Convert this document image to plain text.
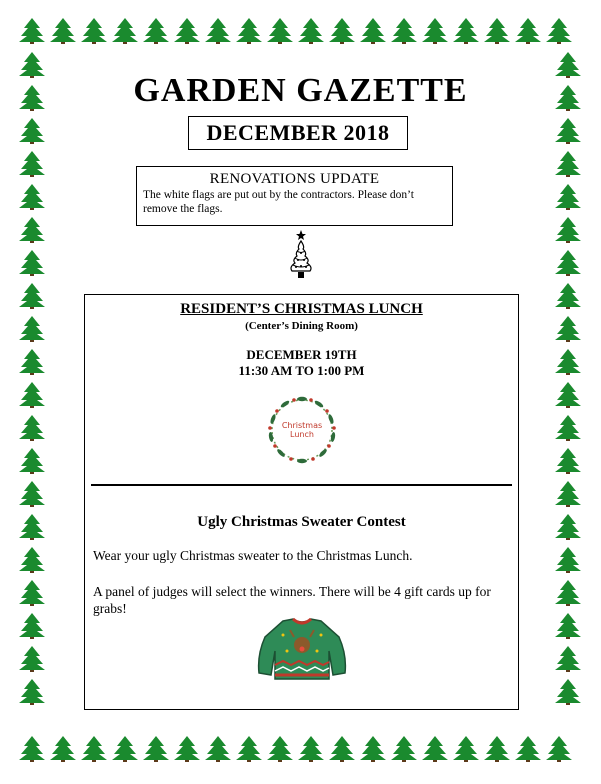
GARDEN GAZETTE
DECEMBER 2018
RENOVATIONS UPDATE
The white flags are put out by the contractors. Please don’t remove the flags.
RESIDENT’S CHRISTMAS LUNCH
(Center’s Dining Room)
DECEMBER 19TH
11:30 AM TO 1:00 PM
Christmas
Lunch
Ugly Christmas Sweater Contest
Wear your ugly Christmas sweater to the Christmas Lunch.
A panel of judges will select the winners. There will be 4 gift cards up for grabs!
